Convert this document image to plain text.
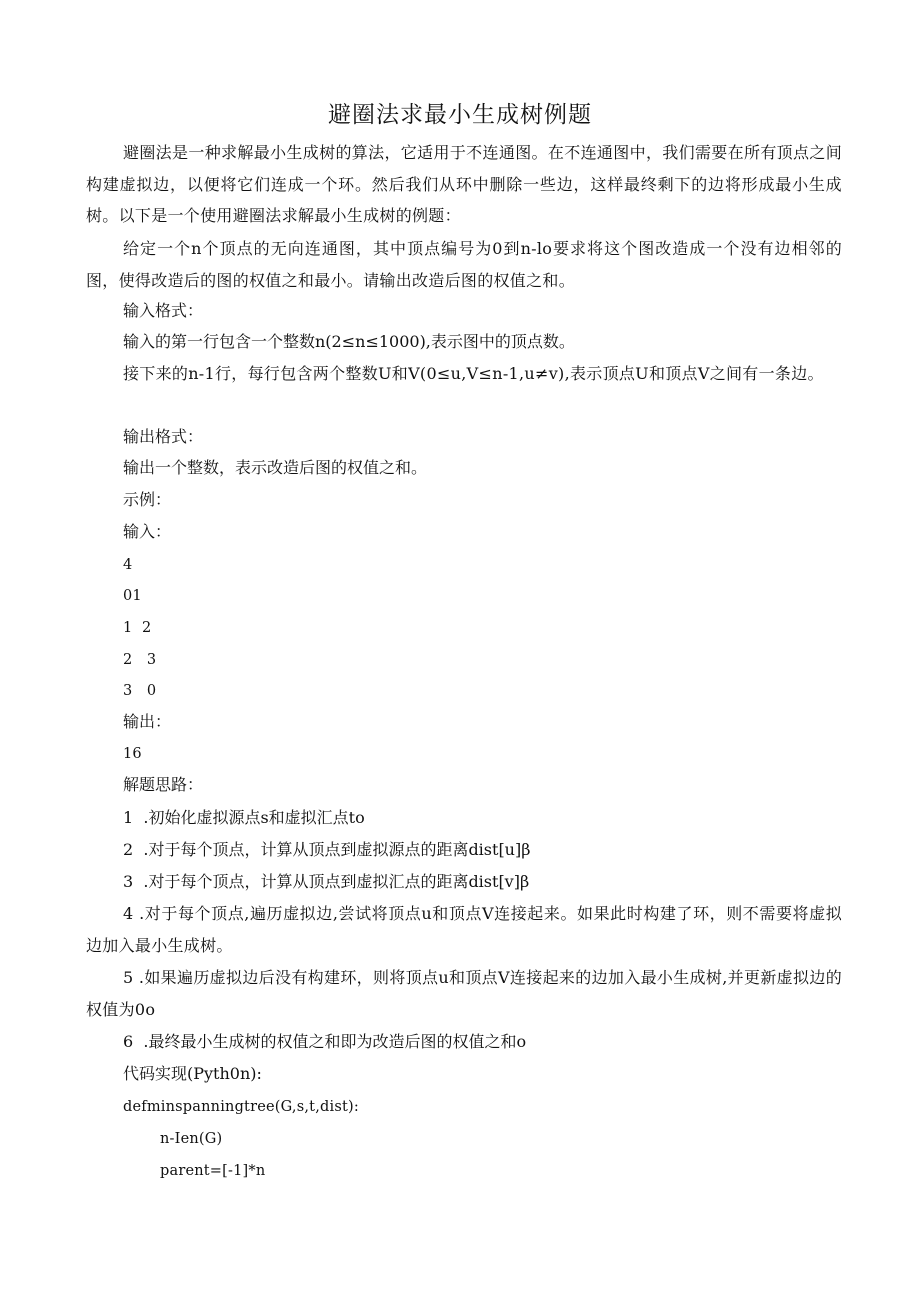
避圈法求最小生成树例题

避圈法是一种求解最小生成树的算法，它适用于不连通图。在不连通图中，我们需要在所有顶点之间构建虚拟边，以便将它们连成一个环。然后我们从环中删除一些边，这样最终剩下的边将形成最小生成树。以下是一个使用避圈法求解最小生成树的例题：

给定一个n个顶点的无向连通图，其中顶点编号为0到n-lo要求将这个图改造成一个没有边相邻的图，使得改造后的图的权值之和最小。请输出改造后图的权值之和。

输入格式：
输入的第一行包含一个整数n(2≤n≤1000),表示图中的顶点数。

接下来的n-1行，每行包含两个整数U和V(0≤u,V≤n-1,u≠v),表示顶点U和顶点V之间有一条边。

输出格式：
输出一个整数，表示改造后图的权值之和。
示例：
输入：
4
01
1  2
2   3
3   0
输出：
16
解题思路：
1  .初始化虚拟源点s和虚拟汇点to
2  .对于每个顶点，计算从顶点到虚拟源点的距离dist[u]β
3  .对于每个顶点，计算从顶点到虚拟汇点的距离dist[v]β

4 .对于每个顶点,遍历虚拟边,尝试将顶点u和顶点V连接起来。如果此时构建了环，则不需要将虚拟边加入最小生成树。

5 .如果遍历虚拟边后没有构建环，则将顶点u和顶点V连接起来的边加入最小生成树,并更新虚拟边的权值为0o

6  .最终最小生成树的权值之和即为改造后图的权值之和o
代码实现(Pyth0n):
defminspanningtree(G,s,t,dist):
n-Ien(G)
parent=[-1]*n
